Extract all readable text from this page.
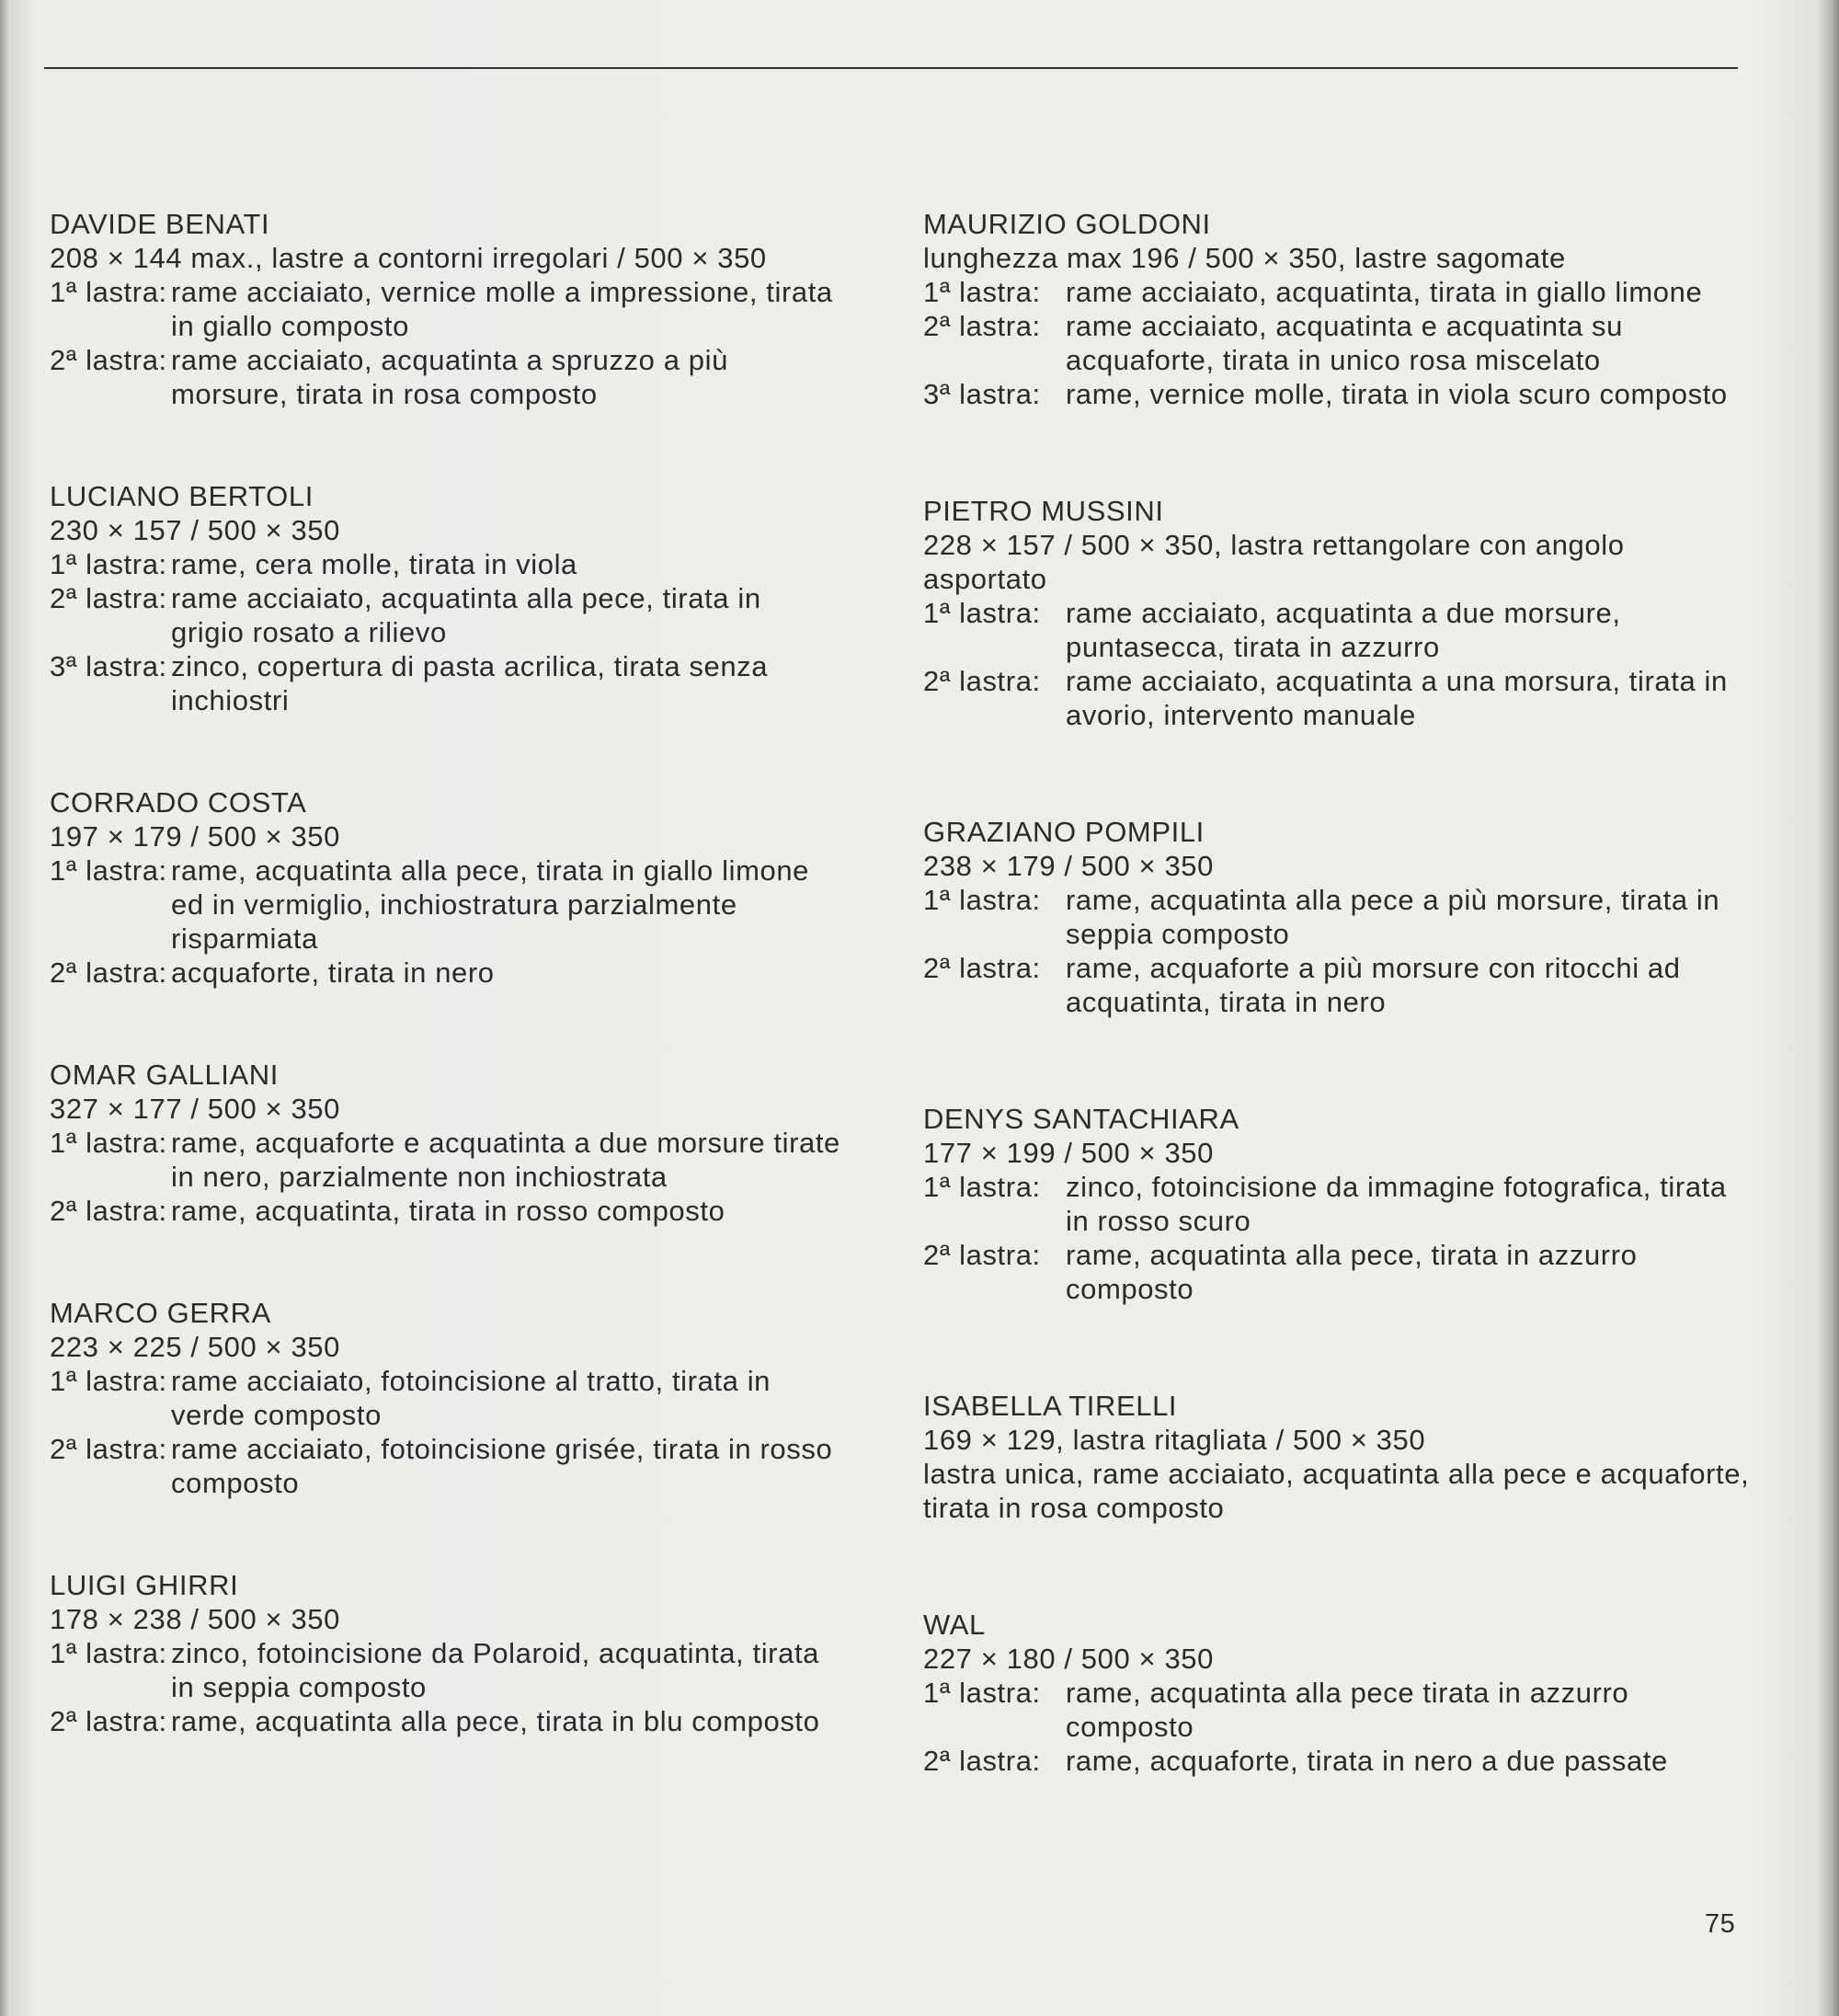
DAVIDE BENATI
208 × 144 max., lastre a contorni irregolari / 500 × 350
1ª lastra: rame acciaiato, vernice molle a impressione, tirata in giallo composto
2ª lastra: rame acciaiato, acquatinta a spruzzo a più morsure, tirata in rosa composto
LUCIANO BERTOLI
230 × 157 / 500 × 350
1ª lastra: rame, cera molle, tirata in viola
2ª lastra: rame acciaiato, acquatinta alla pece, tirata in grigio rosato a rilievo
3ª lastra: zinco, copertura di pasta acrilica, tirata senza inchiostri
CORRADO COSTA
197 × 179 / 500 × 350
1ª lastra: rame, acquatinta alla pece, tirata in giallo limone ed in vermiglio, inchiostratura parzialmente risparmiata
2ª lastra: acquaforte, tirata in nero
OMAR GALLIANI
327 × 177 / 500 × 350
1ª lastra: rame, acquaforte e acquatinta a due morsure tirate in nero, parzialmente non inchiostrata
2ª lastra: rame, acquatinta, tirata in rosso composto
MARCO GERRA
223 × 225 / 500 × 350
1ª lastra: rame acciaiato, fotoincisione al tratto, tirata in verde composto
2ª lastra: rame acciaiato, fotoincisione grisée, tirata in rosso composto
LUIGI GHIRRI
178 × 238 / 500 × 350
1ª lastra: zinco, fotoincisione da Polaroid, acquatinta, tirata in seppia composto
2ª lastra: rame, acquatinta alla pece, tirata in blu composto
MAURIZIO GOLDONI
lunghezza max 196 / 500 × 350, lastre sagomate
1ª lastra: rame acciaiato, acquatinta, tirata in giallo limone
2ª lastra: rame acciaiato, acquatinta e acquatinta su acquaforte, tirata in unico rosa miscelato
3ª lastra: rame, vernice molle, tirata in viola scuro composto
PIETRO MUSSINI
228 × 157 / 500 × 350, lastra rettangolare con angolo asportato
1ª lastra: rame acciaiato, acquatinta a due morsure, puntasecca, tirata in azzurro
2ª lastra: rame acciaiato, acquatinta a una morsura, tirata in avorio, intervento manuale
GRAZIANO POMPILI
238 × 179 / 500 × 350
1ª lastra: rame, acquatinta alla pece a più morsure, tirata in seppia composto
2ª lastra: rame, acquaforte a più morsure con ritocchi ad acquatinta, tirata in nero
DENYS SANTACHIARA
177 × 199 / 500 × 350
1ª lastra: zinco, fotoincisione da immagine fotografica, tirata in rosso scuro
2ª lastra: rame, acquatinta alla pece, tirata in azzurro composto
ISABELLA TIRELLI
169 × 129, lastra ritagliata / 500 × 350
lastra unica, rame acciaiato, acquatinta alla pece e acquaforte, tirata in rosa composto
WAL
227 × 180 / 500 × 350
1ª lastra: rame, acquatinta alla pece tirata in azzurro composto
2ª lastra: rame, acquaforte, tirata in nero a due passate
75
